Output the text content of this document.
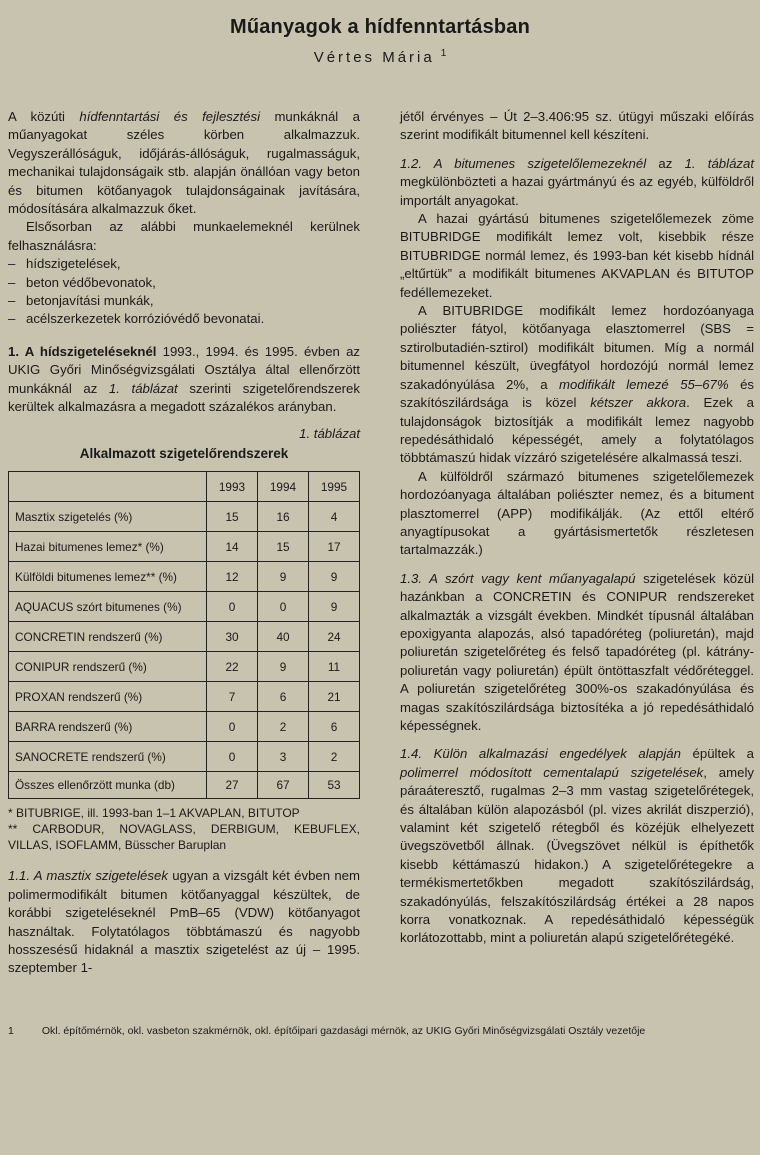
Műanyagok a hídfenntartásban
Vértes Mária $^1$

A közúti hídfenntartási és fejlesztési munkáknál a műanyagokat széles körben alkalmazzuk. Vegyszerállóságuk, időjárás-állóságuk, rugalmasságuk, mechanikai tulajdonságaik stb. alapján önállóan vagy beton és bitumen kötőanyagok tulajdonságainak javítására, módosítására alkalmazzuk őket.

Elsősorban az alábbi munkaelemeknél kerülnek felhasználásra:

– hídszigetelések,
– beton védőbevonatok,
– betonjavítási munkák,
– acélszerkezetek korrózióvédő bevonatai.

1. A hídszigeteléseknél 1993., 1994. és 1995. évben az UKIG Győri Minőségvizsgálati Osztálya által ellenőrzött munkáknál az 1. táblázat szerinti szigetelőrendszerek kerültek alkalmazásra a megadott százalékos arányban.

1. táblázat
Alkalmazott szigetelőrendszerek
	1993	1994	1995
Masztix szigetelés (%)	15	16	4
Hazai bitumenes lemez* (%)	14	15	17
Külföldi bitumenes lemez** (%)	12	9	9
AQUACUS szórt bitumenes (%)	0	0	9
CONCRETIN rendszerű (%)	30	40	24
CONIPUR rendszerű (%)	22	9	11
PROXAN rendszerű (%)	7	6	21
BARRA rendszerű (%)	0	2	6
SANOCRETE rendszerű (%)	0	3	2
Összes ellenőrzött munka (db)	27	67	53
* BITUBRIGE, ill. 1993-ban 1–1 AKVAPLAN, BITUTOP
** CARBODUR, NOVAGLASS, DERBIGUM, KEBUFLEX, VILLAS, ISOFLAMM, Büsscher Baruplan

1.1. A masztix szigetelések ugyan a vizsgált két évben nem polimermodifikált bitumen kötőanyaggal készültek, de korábbi szigeteléseknél PmB–65 (VDW) kötőanyagot használtak. Folytatólagos többtámaszú és nagyobb hosszesésű hidaknál a masztix szigetelést az új – 1995. szeptember 1-

jétől érvényes – Út 2–3.406:95 sz. útügyi műszaki előírás szerint modifikált bitumennel kell készíteni.

1.2. A bitumenes szigetelőlemezeknél az 1. táblázat megkülönbözteti a hazai gyártmányú és az egyéb, külföldről importált anyagokat.

A hazai gyártású bitumenes szigetelőlemezek zöme BITUBRIDGE modifikált lemez volt, kisebbik része BITUBRIDGE normál lemez, és 1993-ban két kisebb hídnál „eltűrtük” a modifikált bitumenes AKVAPLAN és BITUTOP fedéllemezeket.

A BITUBRIDGE modifikált lemez hordozóanyaga poliészter fátyol, kötőanyaga elasztomerrel (SBS = sztirolbutadién-sztirol) modifikált bitumen. Míg a normál bitumennel készült, üvegfátyol hordozójú normál lemez szakadónyúlása 2%, a modifikált lemezé 55–67% és szakítószilárdsága is közel kétszer akkora. Ezek a tulajdonságok biztosítják a modifikált lemez nagyobb repedésáthidaló képességét, amely a folytatólagos többtámaszú hidak vízzáró szigetelésére alkalmassá teszi.

A külföldről származó bitumenes szigetelőlemezek hordozóanyaga általában poliészter nemez, és a bitument plasztomerrel (APP) modifikálják. (Az ettől eltérő anyagtípusokat a gyártásismertetők részletesen tartalmazzák.)

1.3. A szórt vagy kent műanyagalapú szigetelések közül hazánkban a CONCRETIN és CONIPUR rendszereket alkalmazták a vizsgált években. Mindkét típusnál általában epoxigyanta alapozás, alsó tapadóréteg (poliuretán), majd poliuretán szigetelőréteg és felső tapadóréteg (pl. kátrány-poliuretán vagy poliuretán) épült öntöttaszfalt védőréteggel. A poliuretán szigetelőréteg 300%-os szakadónyúlása és magas szakítószilárdsága biztosítéka a jó repedésáthidaló képességnek.

1.4. Külön alkalmazási engedélyek alapján épültek a polimerrel módosított cementalapú szigetelések, amely páraáteresztő, rugalmas 2–3 mm vastag szigetelőrétegek, és általában külön alapozásból (pl. vizes akrilát diszperzió), valamint két szigetelő rétegből és közéjük elhelyezett üvegszövetből állnak. (Üvegszövet nélkül is építhetők kisebb kéttámaszú hidakon.) A szigetelőrétegekre a termékismertetőkben megadott szakítószilárdság, szakadónyúlás, felszakítószilárdság értékei a 28 napos korra vonatkoznak. A repedésáthidaló képességük korlátozottabb, mint a poliuretán alapú szigetelőrétegéké.

1	Okl. építőmérnök, okl. vasbeton szakmérnök, okl. építőipari gazdasági mérnök, az UKIG Győri Minőségvizsgálati Osztály vezetője
